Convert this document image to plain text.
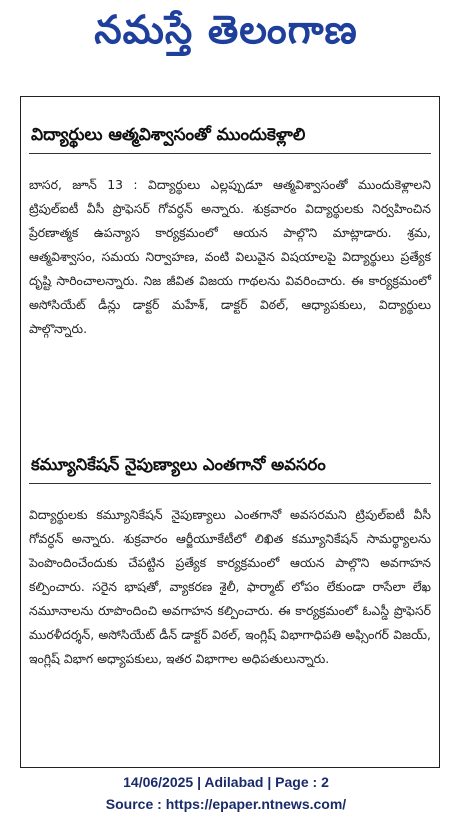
నమస్తే తెలంగాణ
విద్యార్థులు ఆత్మవిశ్వాసంతో ముందుకెళ్లాలి

బాసర, జూన్ 13 : విద్యార్థులు ఎల్లప్పుడూ ఆత్మవిశ్వాసంతో ముందుకెళ్లాలని ట్రిపుల్‌ఐటీ వీసీ ప్రొఫెసర్ గోవర్ధన్ అన్నారు. శుక్రవారం విద్యార్థులకు నిర్వహించిన ప్రేరణాత్మక ఉపన్యాస కార్యక్రమంలో ఆయన పాల్గొని మాట్లాడారు. శ్రమ, ఆత్మవిశ్వాసం, సమయ నిర్వాహణ, వంటి విలువైన విషయాలపై విద్యార్థులు ప్రత్యేక దృష్టి సారించాలన్నారు. నిజ జీవిత విజయ గాథలను వివరించారు. ఈ కార్యక్రమంలో అసోసియేట్ డీన్లు డాక్టర్ మహేశ్, డాక్టర్ విఠల్, ఆధ్యాపకులు, విద్యార్థులు పాల్గొన్నారు.

కమ్యూనికేషన్ నైపుణ్యాలు ఎంతగానో అవసరం

విద్యార్థులకు కమ్యూనికేషన్ నైపుణ్యాలు ఎంతగానో అవసరమని ట్రిపుల్‌ఐటీ వీసీ గోవర్ధన్ అన్నారు. శుక్రవారం ఆర్జీయూకేటీలో లిఖిత కమ్యూనికేషన్ సామర్థ్యాలను పెంపొందించేందుకు చేపట్టిన ప్రత్యేక కార్యక్రమంలో ఆయన పాల్గొని అవగాహన కల్పించారు. సరైన భాషతో, వ్యాకరణ శైలీ, ఫార్మాట్ లోపం లేకుండా రాసేలా లేఖ నమూనాలను రూపొందించి అవగాహన కల్పించారు. ఈ కార్యక్రమంలో ఓఎస్డీ ప్రొఫెసర్ మురళీదర్శన్, అసోసియేట్ డీన్ డాక్టర్ విఠల్, ఇంగ్లిష్ విభాగాధిపతి అఫ్సింగర్ విజయ్, ఇంగ్లిష్ విభాగ అధ్యాపకులు, ఇతర విభాగాల అధిపతులున్నారు.

14/06/2025 | Adilabad | Page : 2
Source : https://epaper.ntnews.com/
